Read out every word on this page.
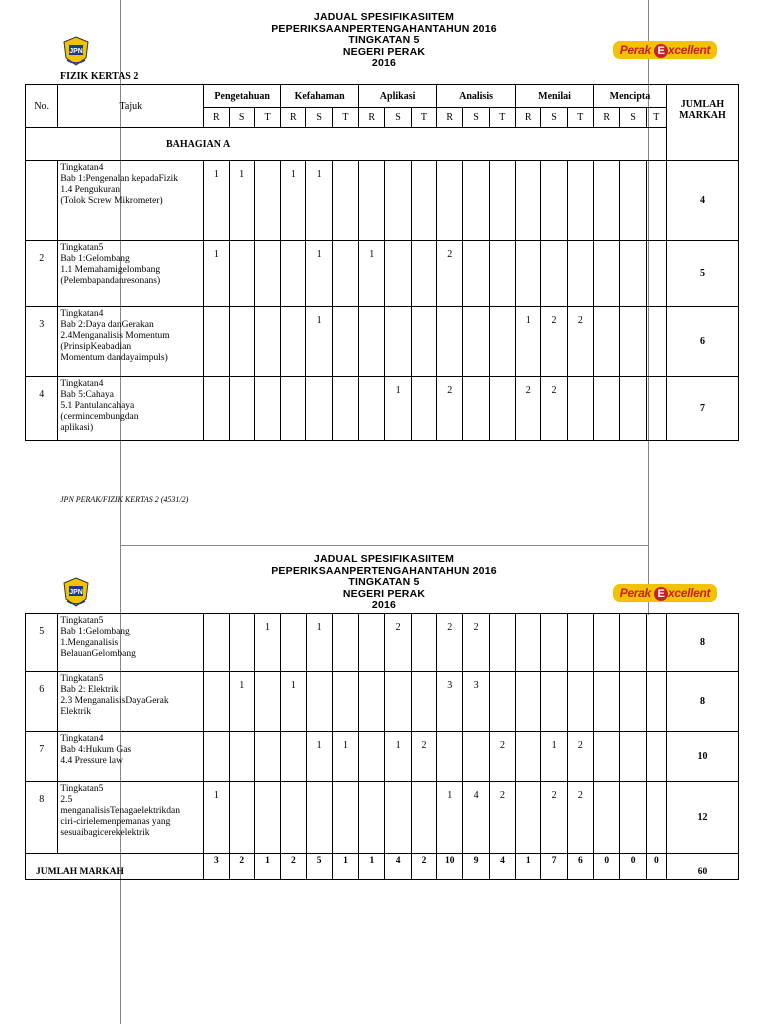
JADUAL SPESIFIKASIITEM
PEPERIKSAANPERTENGAHANTAHUN 2016
TINGKATAN 5
NEGERI PERAK
2016
JPN	Perak E xcellent
FIZIK KERTAS 2
No.	Tajuk	Pengetahuan			Kefahaman			Aplikasi			Analisis			Menilai			Mencipta			JUMLAH MARKAH
		R	S	T	R	S	T	R	S	T	R	S	T	R	S	T	R	S	T	
BAHAGIAN A																				
	Tingkatan4
Bab 1:Pengenalan kepadaFizik
1.4 Pengukuran
(Tolok Screw Mikrometer)	1	1		1	1														4
2	Tingkatan5
Bab 1:Gelombang
1.1 Memahamigelombang
(Pelembapandanresonans)	1				1		1			2									5
3	Tingkatan4
Bab 2:Daya danGerakan
2.4Menganalisis Momentum
(PrinsipKeabadian
Momentum dandayaimpuls)					1								1	2	2				6
4	Tingkatan4
Bab 5:Cahaya
5.1 Pantulancahaya
(cermincembungdan
aplikasi)								1		2			2	2					7
JPN PERAK/FIZIK KERTAS 2 (4531/2)
JADUAL SPESIFIKASIITEM
PEPERIKSAANPERTENGAHANTAHUN 2016
TINGKATAN 5
NEGERI PERAK
2016
JPN	Perak E xcellent
5	Tingkatan5
Bab 1:Gelombang
1.Menganalisis
BelauanGelombang			1		1			2		2	2								8
6	Tingkatan5
Bab 2: Elektrik
2.3 MenganalisisDayaGerak
Elektrik		1		1						3	3								8
7	Tingkatan4
Bab 4:Hukum Gas
4.4 Pressure law					1	1		1	2			2		1	2				10
8	Tingkatan5
2.5
menganalisisTenagaelektrikdan
ciri-cirielemenpemanas yang
sesuaibagicerekelektrik	1									1	4	2		2	2				12
JUMLAH MARKAH		3	2	1	2	5	1	1	4	2	10	9	4	1	7	6	0	0	0	60
